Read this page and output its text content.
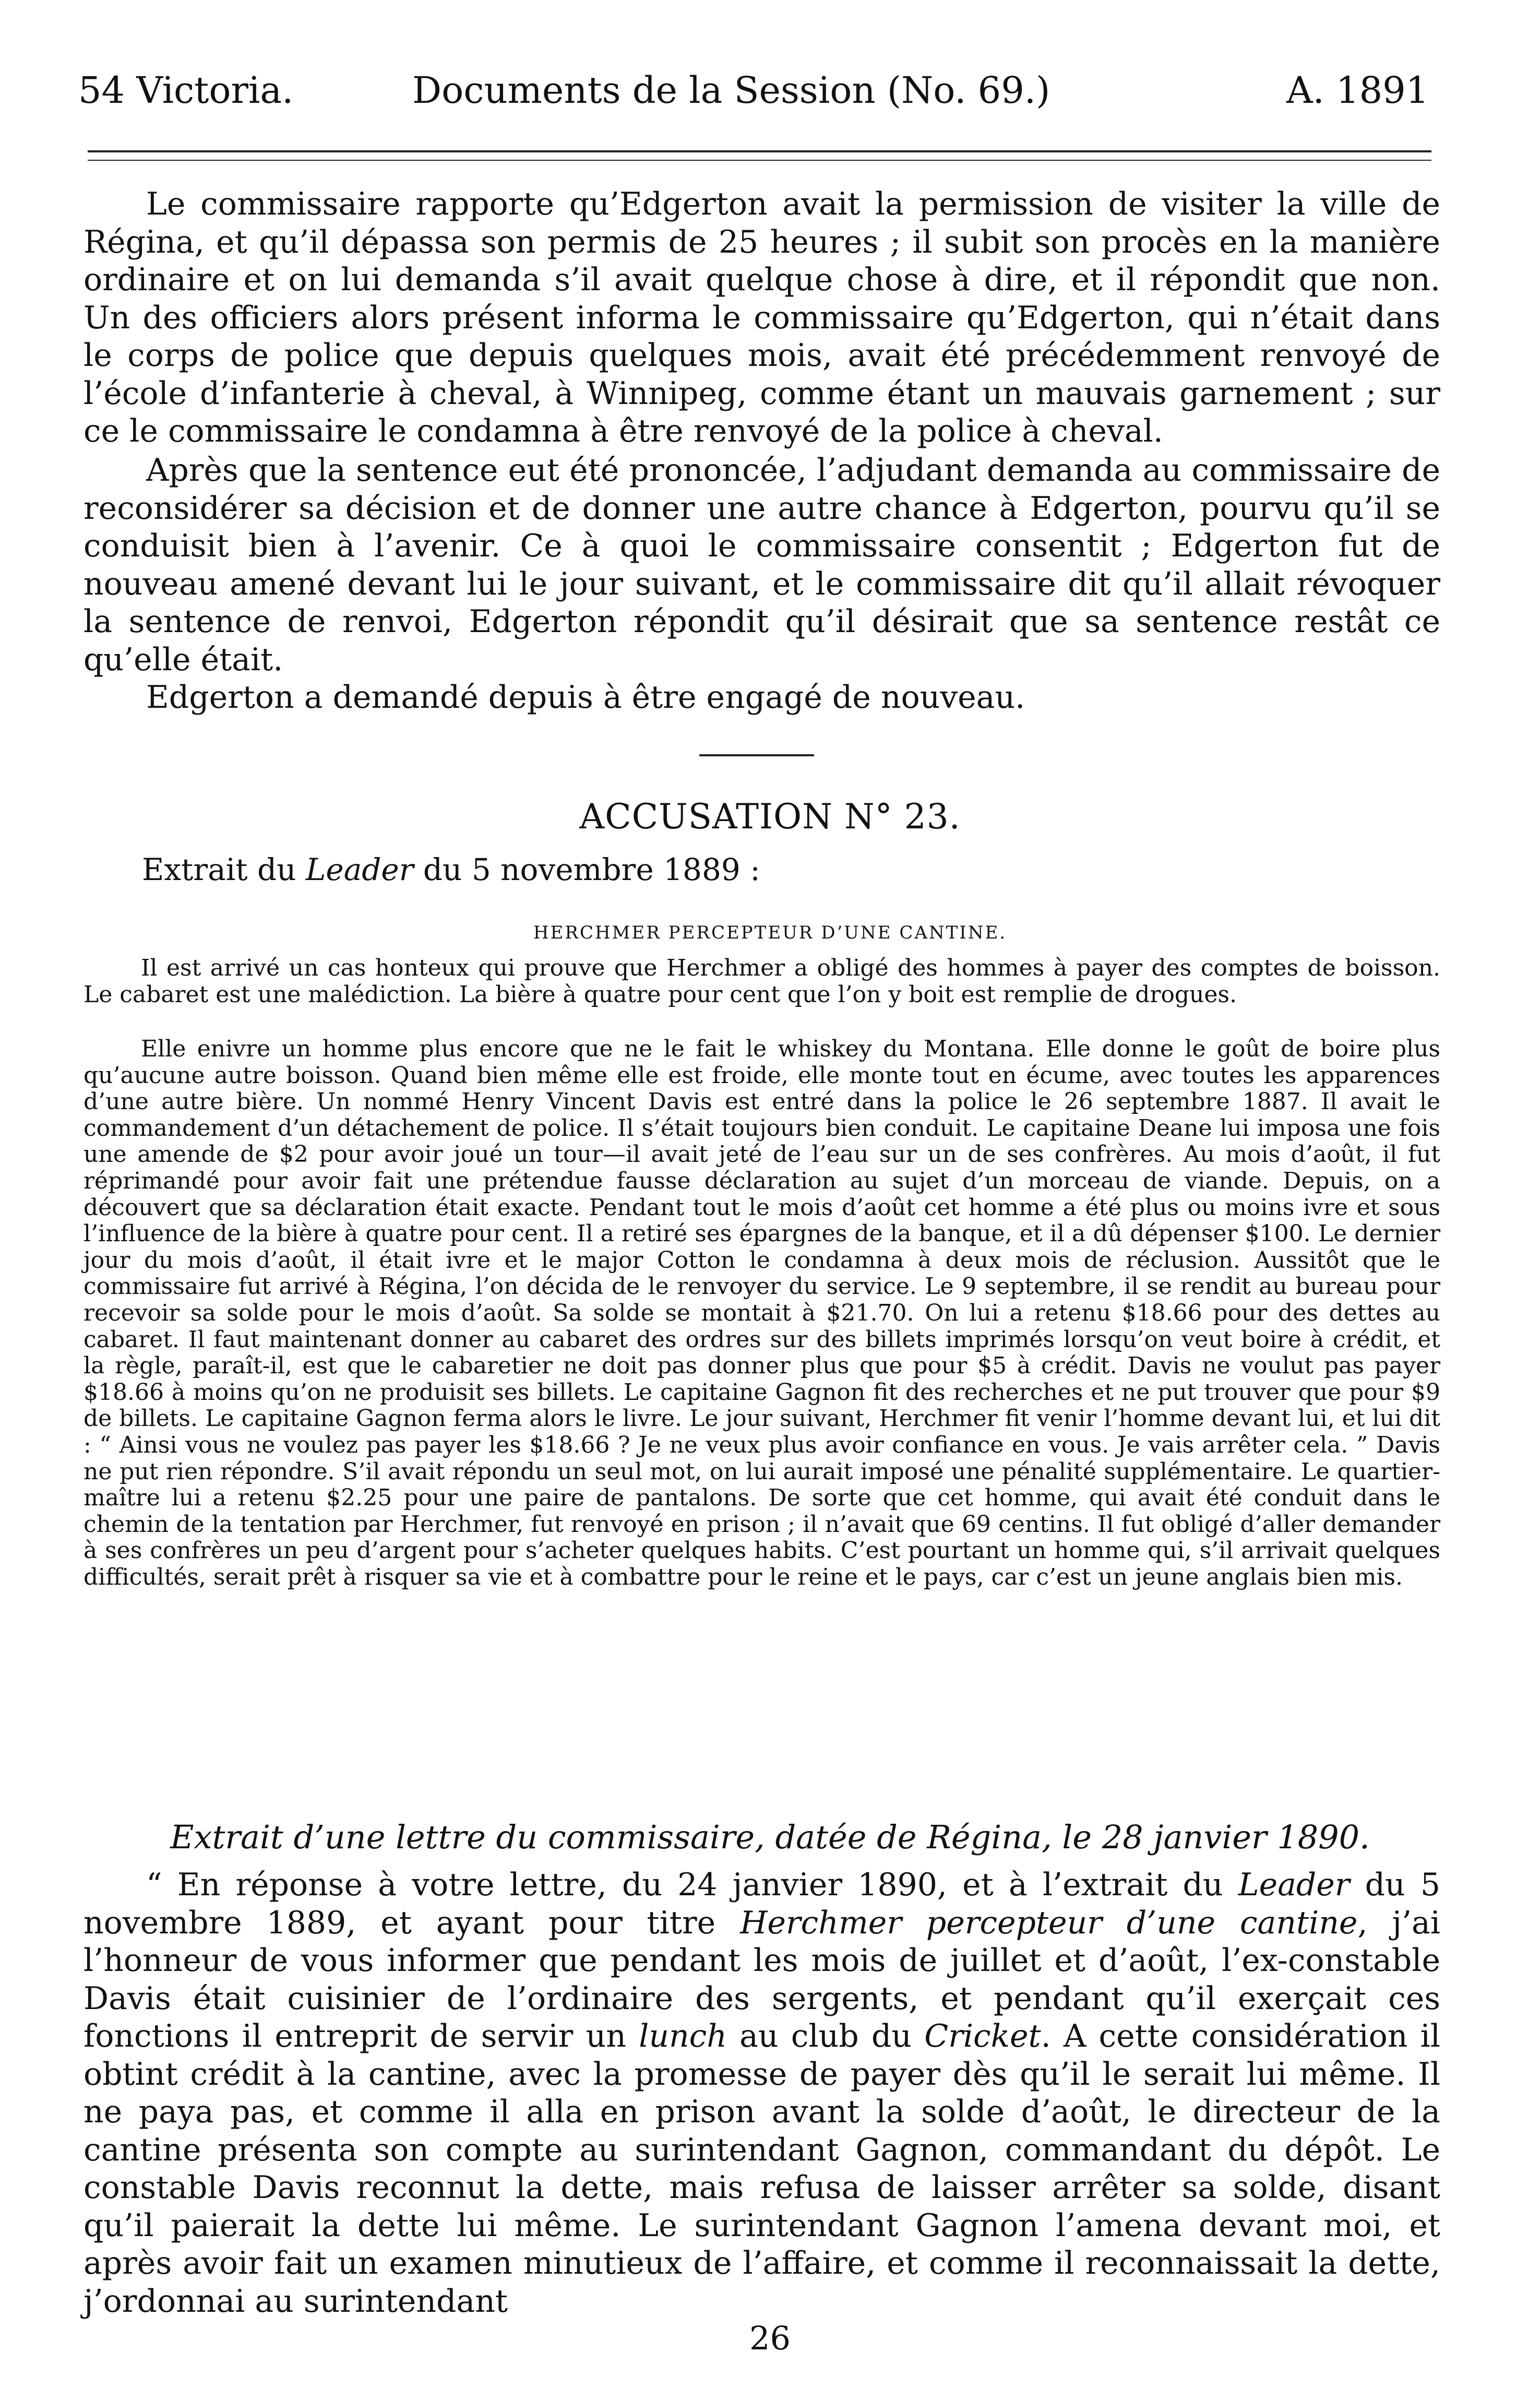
54 Victoria.	Documents de la Session (No. 69.)	A. 1891

Le commissaire rapporte qu’Edgerton avait la permission de visiter la ville de Régina, et qu’il dépassa son permis de 25 heures ; il subit son procès en la manière ordinaire et on lui demanda s’il avait quelque chose à dire, et il répondit que non. Un des officiers alors présent informa le commissaire qu’Edgerton, qui n’était dans le corps de police que depuis quelques mois, avait été précédemment renvoyé de l’école d’infanterie à cheval, à Winnipeg, comme étant un mauvais garnement ; sur ce le commissaire le condamna à être renvoyé de la police à cheval.

Après que la sentence eut été prononcée, l’adjudant demanda au commissaire de reconsidérer sa décision et de donner une autre chance à Edgerton, pourvu qu’il se conduisit bien à l’avenir. Ce à quoi le commissaire consentit ; Edgerton fut de nouveau amené devant lui le jour suivant, et le commissaire dit qu’il allait révoquer la sentence de renvoi, Edgerton répondit qu’il désirait que sa sentence restât ce qu’elle était.

Edgerton a demandé depuis à être engagé de nouveau.

ACCUSATION N° 23.
Extrait du Leader du 5 novembre 1889 :
HERCHMER PERCEPTEUR D’UNE CANTINE.

Il est arrivé un cas honteux qui prouve que Herchmer a obligé des hommes à payer des comptes de boisson. Le cabaret est une malédiction. La bière à quatre pour cent que l’on y boit est remplie de drogues.

Elle enivre un homme plus encore que ne le fait le whiskey du Montana. Elle donne le goût de boire plus qu’aucune autre boisson. Quand bien même elle est froide, elle monte tout en écume, avec toutes les apparences d’une autre bière. Un nommé Henry Vincent Davis est entré dans la police le 26 septembre 1887. Il avait le commandement d’un détachement de police. Il s’était toujours bien conduit. Le capitaine Deane lui imposa une fois une amende de $2 pour avoir joué un tour—il avait jeté de l’eau sur un de ses confrères. Au mois d’août, il fut réprimandé pour avoir fait une prétendue fausse déclaration au sujet d’un morceau de viande. Depuis, on a découvert que sa déclaration était exacte. Pendant tout le mois d’août cet homme a été plus ou moins ivre et sous l’influence de la bière à quatre pour cent. Il a retiré ses épargnes de la banque, et il a dû dépenser $100. Le dernier jour du mois d’août, il était ivre et le major Cotton le condamna à deux mois de réclusion. Aussitôt que le commissaire fut arrivé à Régina, l’on décida de le renvoyer du service. Le 9 septembre, il se rendit au bureau pour recevoir sa solde pour le mois d’août. Sa solde se montait à $21.70. On lui a retenu $18.66 pour des dettes au cabaret. Il faut maintenant donner au cabaret des ordres sur des billets imprimés lorsqu’on veut boire à crédit, et la règle, paraît-il, est que le cabaretier ne doit pas donner plus que pour $5 à crédit. Davis ne voulut pas payer $18.66 à moins qu’on ne produisit ses billets. Le capitaine Gagnon fit des recherches et ne put trouver que pour $9 de billets. Le capitaine Gagnon ferma alors le livre. Le jour suivant, Herchmer fit venir l’homme devant lui, et lui dit : “ Ainsi vous ne voulez pas payer les $18.66 ? Je ne veux plus avoir confiance en vous. Je vais arrêter cela. ” Davis ne put rien répondre. S’il avait répondu un seul mot, on lui aurait imposé une pénalité supplémentaire. Le quartier-maître lui a retenu $2.25 pour une paire de pantalons. De sorte que cet homme, qui avait été conduit dans le chemin de la tentation par Herchmer, fut renvoyé en prison ; il n’avait que 69 centins. Il fut obligé d’aller demander à ses confrères un peu d’argent pour s’acheter quelques habits. C’est pourtant un homme qui, s’il arrivait quelques difficultés, serait prêt à risquer sa vie et à combattre pour le reine et le pays, car c’est un jeune anglais bien mis.

Extrait d’une lettre du commissaire, datée de Régina, le 28 janvier 1890.

“ En réponse à votre lettre, du 24 janvier 1890, et à l’extrait du Leader du 5 novembre 1889, et ayant pour titre Herchmer percepteur d’une cantine, j’ai l’honneur de vous informer que pendant les mois de juillet et d’août, l’ex-constable Davis était cuisinier de l’ordinaire des sergents, et pendant qu’il exerçait ces fonctions il entreprit de servir un lunch au club du Cricket. A cette considération il obtint crédit à la cantine, avec la promesse de payer dès qu’il le serait lui même. Il ne paya pas, et comme il alla en prison avant la solde d’août, le directeur de la cantine présenta son compte au surintendant Gagnon, commandant du dépôt. Le constable Davis reconnut la dette, mais refusa de laisser arrêter sa solde, disant qu’il paierait la dette lui même. Le surintendant Gagnon l’amena devant moi, et après avoir fait un examen minutieux de l’affaire, et comme il reconnaissait la dette, j’ordonnai au surintendant

26
